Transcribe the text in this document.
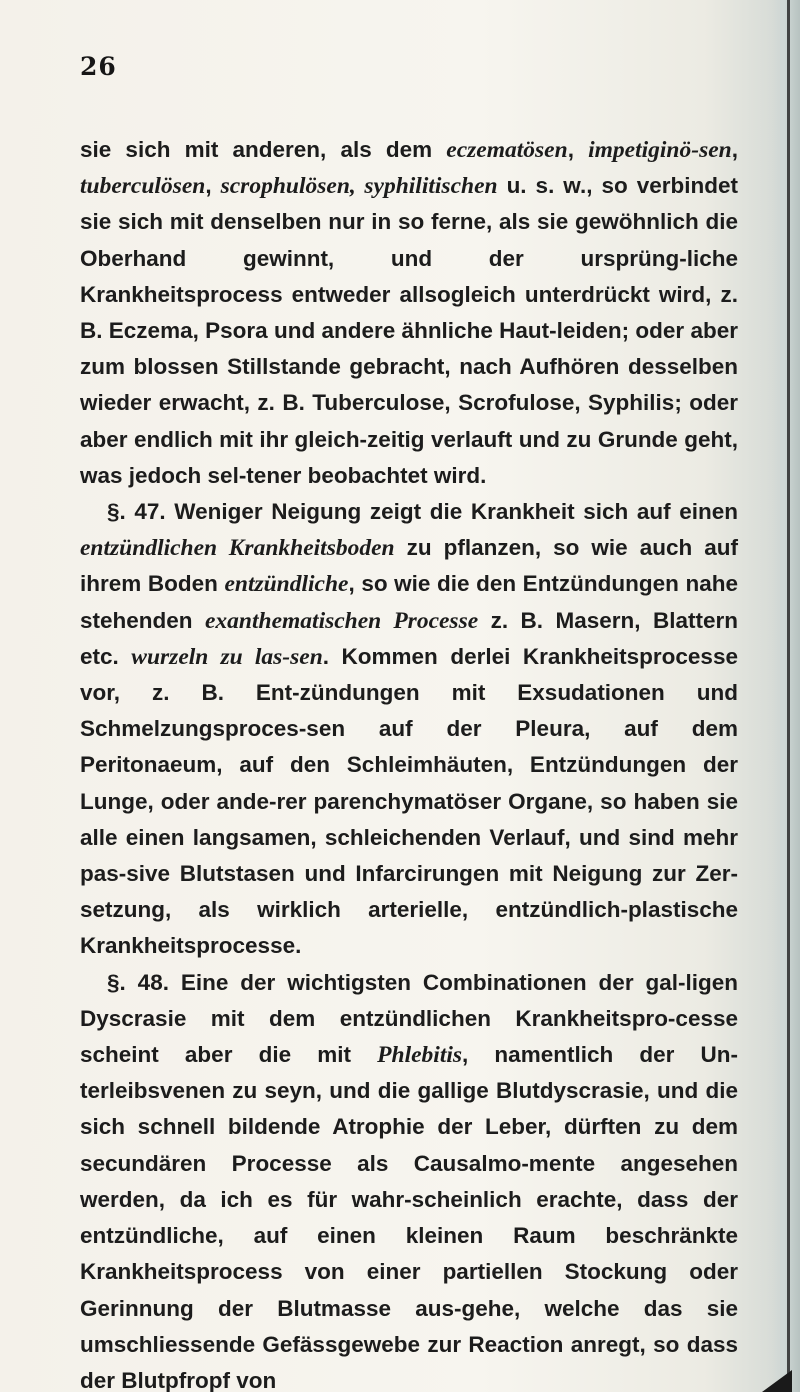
26

sie sich mit anderen, als dem eczematösen, impetiginö-sen, tuberculösen, scrophulösen, syphilitischen u. s. w., so verbindet sie sich mit denselben nur in so ferne, als sie gewöhnlich die Oberhand gewinnt, und der ursprüng-liche Krankheitsprocess entweder allsogleich unterdrückt wird, z. B. Eczema, Psora und andere ähnliche Haut-leiden; oder aber zum blossen Stillstande gebracht, nach Aufhören desselben wieder erwacht, z. B. Tuberculose, Scrofulose, Syphilis; oder aber endlich mit ihr gleich-zeitig verlauft und zu Grunde geht, was jedoch sel-tener beobachtet wird.

§. 47. Weniger Neigung zeigt die Krankheit sich auf einen entzündlichen Krankheitsboden zu pflanzen, so wie auch auf ihrem Boden entzündliche, so wie die den Entzündungen nahe stehenden exanthematischen Processe z. B. Masern, Blattern etc. wurzeln zu las-sen. Kommen derlei Krankheitsprocesse vor, z. B. Ent-zündungen mit Exsudationen und Schmelzungsproces-sen auf der Pleura, auf dem Peritonaeum, auf den Schleimhäuten, Entzündungen der Lunge, oder ande-rer parenchymatöser Organe, so haben sie alle einen langsamen, schleichenden Verlauf, und sind mehr pas-sive Blutstasen und Infarcirungen mit Neigung zur Zer-setzung, als wirklich arterielle, entzündlich-plastische Krankheitsprocesse.

§. 48. Eine der wichtigsten Combinationen der gal-ligen Dyscrasie mit dem entzündlichen Krankheitspro-cesse scheint aber die mit Phlebitis, namentlich der Un-terleibsvenen zu seyn, und die gallige Blutdyscrasie, und die sich schnell bildende Atrophie der Leber, dürften zu dem secundären Processe als Causalmo-mente angesehen werden, da ich es für wahr-scheinlich erachte, dass der entzündliche, auf einen kleinen Raum beschränkte Krankheitsprocess von einer partiellen Stockung oder Gerinnung der Blutmasse aus-gehe, welche das sie umschliessende Gefässgewebe zur Reaction anregt, so dass der Blutpfropf von
